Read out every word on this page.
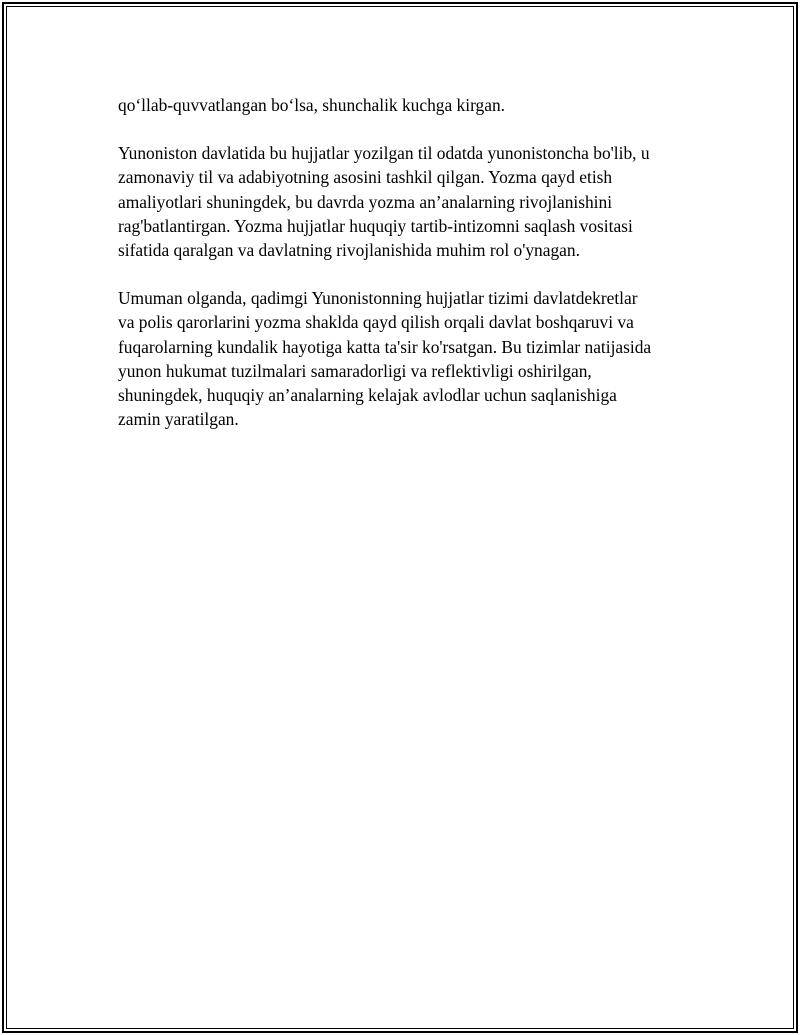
qo‘llab-quvvatlangan bo‘lsa, shunchalik kuchga kirgan.

Yunoniston davlatida bu hujjatlar yozilgan til odatda yunonistoncha bo'lib, u
zamonaviy til va adabiyotning asosini tashkil qilgan. Yozma qayd etish
amaliyotlari shuningdek, bu davrda yozma an’analarning rivojlanishini
rag'batlantirgan. Yozma hujjatlar huquqiy tartib-intizomni saqlash vositasi
sifatida qaralgan va davlatning rivojlanishida muhim rol o'ynagan.

Umuman olganda, qadimgi Yunonistonning hujjatlar tizimi davlatdekretlar
va polis qarorlarini yozma shaklda qayd qilish orqali davlat boshqaruvi va
fuqarolarning kundalik hayotiga katta ta'sir ko'rsatgan. Bu tizimlar natijasida
yunon hukumat tuzilmalari samaradorligi va reflektivligi oshirilgan,
shuningdek, huquqiy an’analarning kelajak avlodlar uchun saqlanishiga
zamin yaratilgan.
